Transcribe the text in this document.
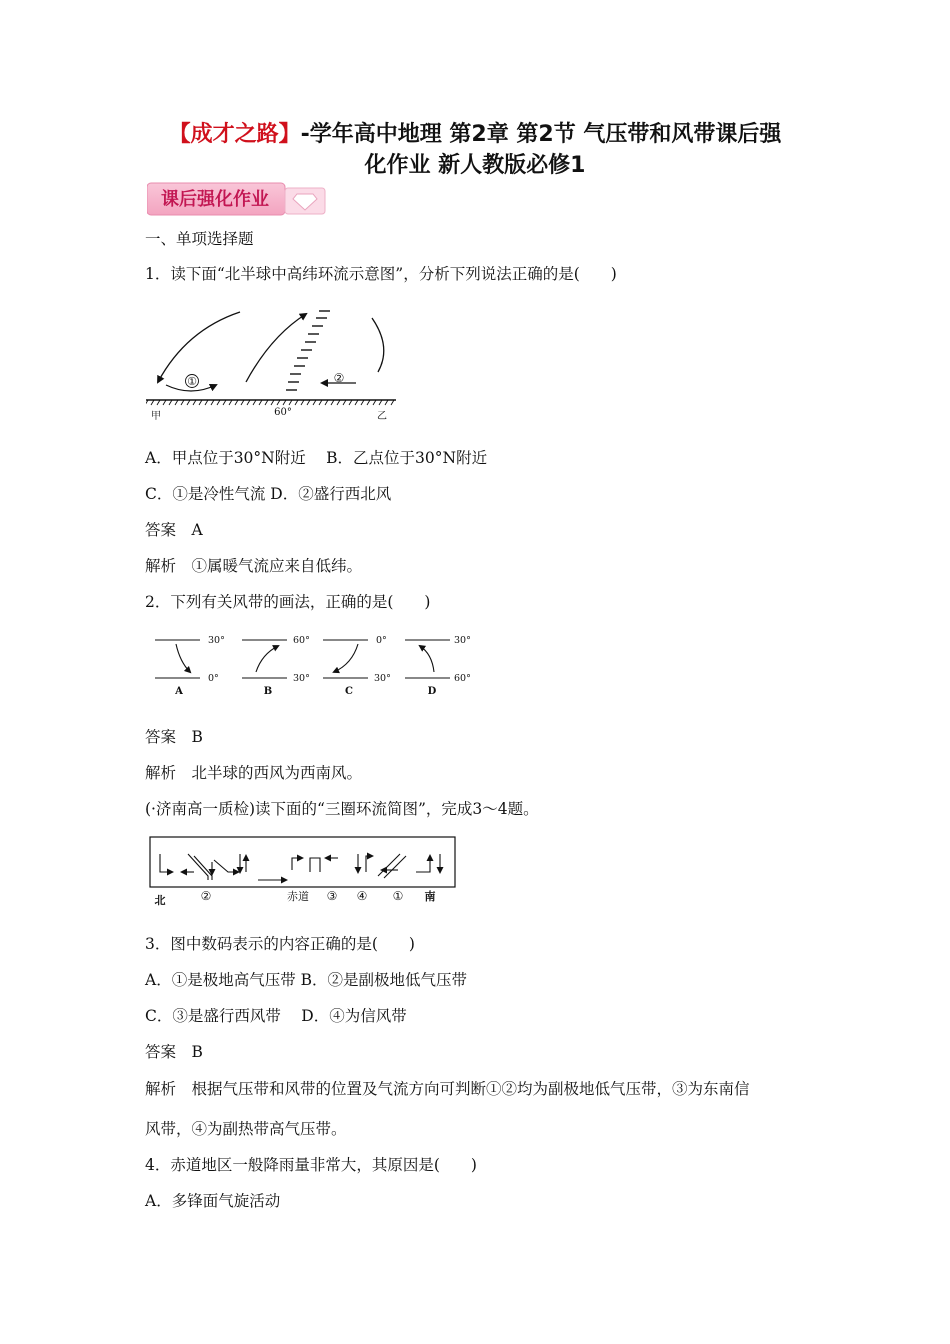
【成才之路】-学年高中地理 第2章 第2节 气压带和风带课后强
化作业 新人教版必修1
课后强化作业
一、单项选择题
1．读下面“北半球中高纬环流示意图”，分析下列说法正确的是(　　)
①	②
甲	60°	乙
A．甲点位于30°N附近　 B．乙点位于30°N附近
C．①是冷性气流 D．②盛行西北风
答案　A
解析　①属暖气流应来自低纬。
2．下列有关风带的画法，正确的是(　　)
30°
0°
A
60°
30°
B
0°
30°
C
30°
60°
D
答案　B
解析　北半球的西风为西南风。
(·济南高一质检)读下面的“三圈环流简图”，完成3～4题。
北	②	赤道 ③ ④ ① 南
3．图中数码表示的内容正确的是(　　)
A．①是极地高气压带 B．②是副极地低气压带
C．③是盛行西风带　 D．④为信风带
答案　B
解析　根据气压带和风带的位置及气流方向可判断①②均为副极地低气压带，③为东南信
风带，④为副热带高气压带。
4．赤道地区一般降雨量非常大，其原因是(　　)
A．多锋面气旋活动
